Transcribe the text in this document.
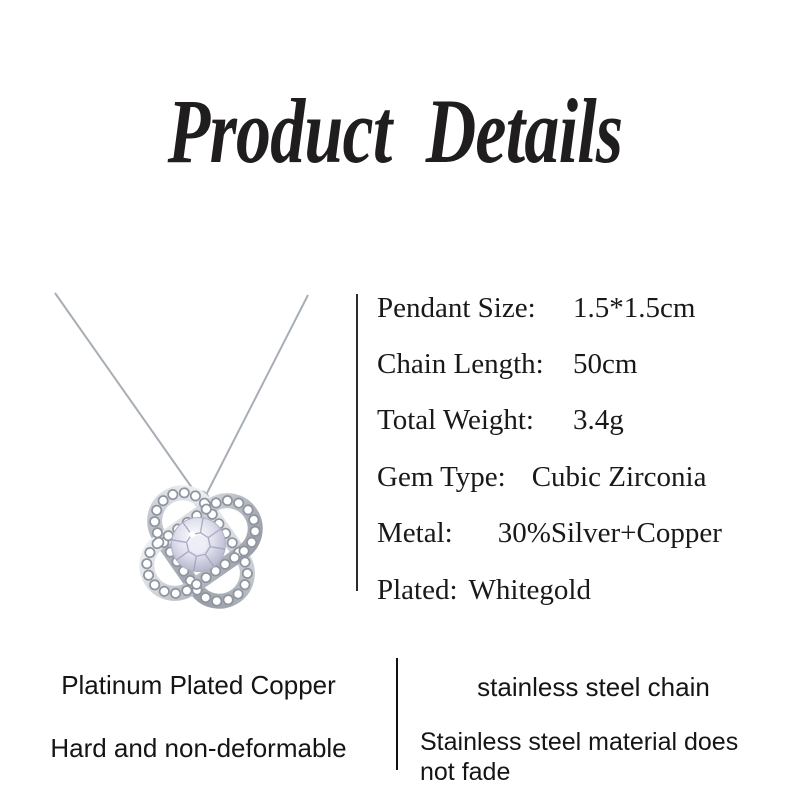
Product Details
Pendant Size:	1.5*1.5cm
Chain Length:	50cm
Total Weight:	3.4g
Gem Type: Cubic Zirconia
Metal: 30%Silver+Copper
Plated: Whitegold
Platinum Plated Copper
Hard and non-deformable
stainless steel chain
Stainless steel material does not fade
